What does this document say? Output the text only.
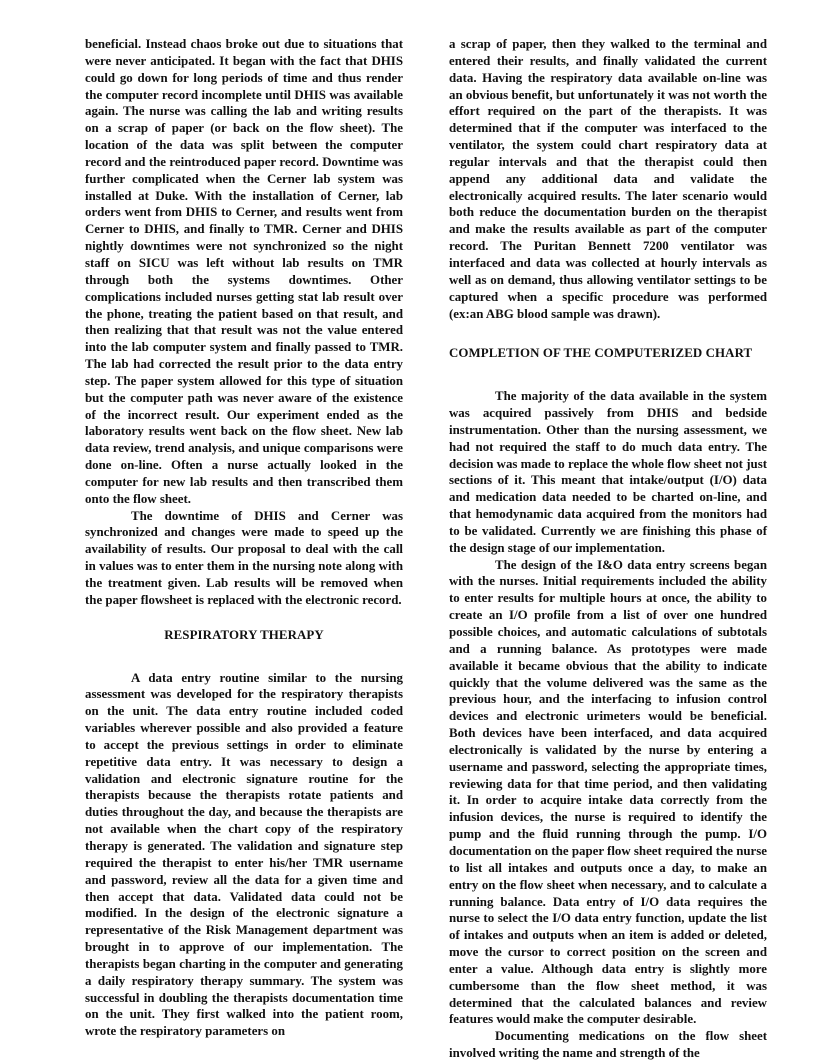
beneficial. Instead chaos broke out due to situations that were never anticipated. It began with the fact that DHIS could go down for long periods of time and thus render the computer record incomplete until DHIS was available again. The nurse was calling the lab and writing results on a scrap of paper (or back on the flow sheet). The location of the data was split between the computer record and the reintroduced paper record. Downtime was further complicated when the Cerner lab system was installed at Duke. With the installation of Cerner, lab orders went from DHIS to Cerner, and results went from Cerner to DHIS, and finally to TMR. Cerner and DHIS nightly downtimes were not synchronized so the night staff on SICU was left without lab results on TMR through both the systems downtimes. Other complications included nurses getting stat lab result over the phone, treating the patient based on that result, and then realizing that that result was not the value entered into the lab computer system and finally passed to TMR. The lab had corrected the result prior to the data entry step. The paper system allowed for this type of situation but the computer path was never aware of the existence of the incorrect result. Our experiment ended as the laboratory results went back on the flow sheet. New lab data review, trend analysis, and unique comparisons were done on-line. Often a nurse actually looked in the computer for new lab results and then transcribed them onto the flow sheet.

The downtime of DHIS and Cerner was synchronized and changes were made to speed up the availability of results. Our proposal to deal with the call in values was to enter them in the nursing note along with the treatment given. Lab results will be removed when the paper flowsheet is replaced with the electronic record.

RESPIRATORY THERAPY

A data entry routine similar to the nursing assessment was developed for the respiratory therapists on the unit. The data entry routine included coded variables wherever possible and also provided a feature to accept the previous settings in order to eliminate repetitive data entry. It was necessary to design a validation and electronic signature routine for the therapists because the therapists rotate patients and duties throughout the day, and because the therapists are not available when the chart copy of the respiratory therapy is generated. The validation and signature step required the therapist to enter his/her TMR username and password, review all the data for a given time and then accept that data. Validated data could not be modified. In the design of the electronic signature a representative of the Risk Management department was brought in to approve of our implementation. The therapists began charting in the computer and generating a daily respiratory therapy summary. The system was successful in doubling the therapists documentation time on the unit. They first walked into the patient room, wrote the respiratory parameters on

a scrap of paper, then they walked to the terminal and entered their results, and finally validated the current data. Having the respiratory data available on-line was an obvious benefit, but unfortunately it was not worth the effort required on the part of the therapists. It was determined that if the computer was interfaced to the ventilator, the system could chart respiratory data at regular intervals and that the therapist could then append any additional data and validate the electronically acquired results. The later scenario would both reduce the documentation burden on the therapist and make the results available as part of the computer record. The Puritan Bennett 7200 ventilator was interfaced and data was collected at hourly intervals as well as on demand, thus allowing ventilator settings to be captured when a specific procedure was performed (ex:an ABG blood sample was drawn).

COMPLETION OF THE COMPUTERIZED CHART

The majority of the data available in the system was acquired passively from DHIS and bedside instrumentation. Other than the nursing assessment, we had not required the staff to do much data entry. The decision was made to replace the whole flow sheet not just sections of it. This meant that intake/output (I/O) data and medication data needed to be charted on-line, and that hemodynamic data acquired from the monitors had to be validated. Currently we are finishing this phase of the design stage of our implementation.

The design of the I&O data entry screens began with the nurses. Initial requirements included the ability to enter results for multiple hours at once, the ability to create an I/O profile from a list of over one hundred possible choices, and automatic calculations of subtotals and a running balance. As prototypes were made available it became obvious that the ability to indicate quickly that the volume delivered was the same as the previous hour, and the interfacing to infusion control devices and electronic urimeters would be beneficial. Both devices have been interfaced, and data acquired electronically is validated by the nurse by entering a username and password, selecting the appropriate times, reviewing data for that time period, and then validating it. In order to acquire intake data correctly from the infusion devices, the nurse is required to identify the pump and the fluid running through the pump. I/O documentation on the paper flow sheet required the nurse to list all intakes and outputs once a day, to make an entry on the flow sheet when necessary, and to calculate a running balance. Data entry of I/O data requires the nurse to select the I/O data entry function, update the list of intakes and outputs when an item is added or deleted, move the cursor to correct position on the screen and enter a value. Although data entry is slightly more cumbersome than the flow sheet method, it was determined that the calculated balances and review features would make the computer desirable.

Documenting medications on the flow sheet involved writing the name and strength of the
